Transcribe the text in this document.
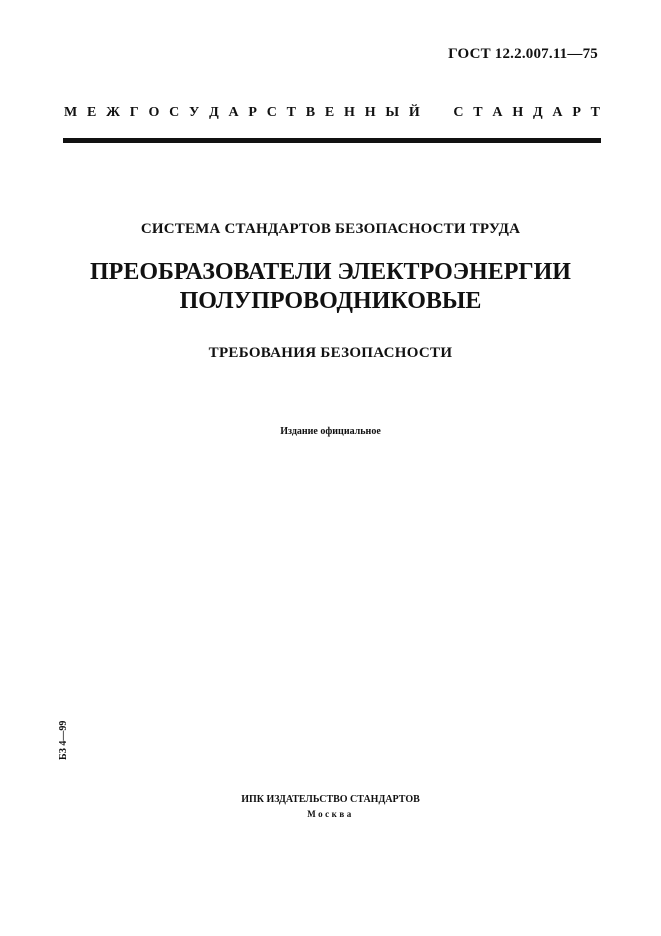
ГОСТ 12.2.007.11—75
М Е Ж Г О С У Д А Р С Т В Е Н Н Ы Й С Т А Н Д А Р Т
СИСТЕМА СТАНДАРТОВ БЕЗОПАСНОСТИ ТРУДА
ПРЕОБРАЗОВАТЕЛИ ЭЛЕКТРОЭНЕРГИИ
ПОЛУПРОВОДНИКОВЫЕ
ТРЕБОВАНИЯ БЕЗОПАСНОСТИ
Издание официальное
БЗ 4—99
ИПК ИЗДАТЕЛЬСТВО СТАНДАРТОВ
Москва
